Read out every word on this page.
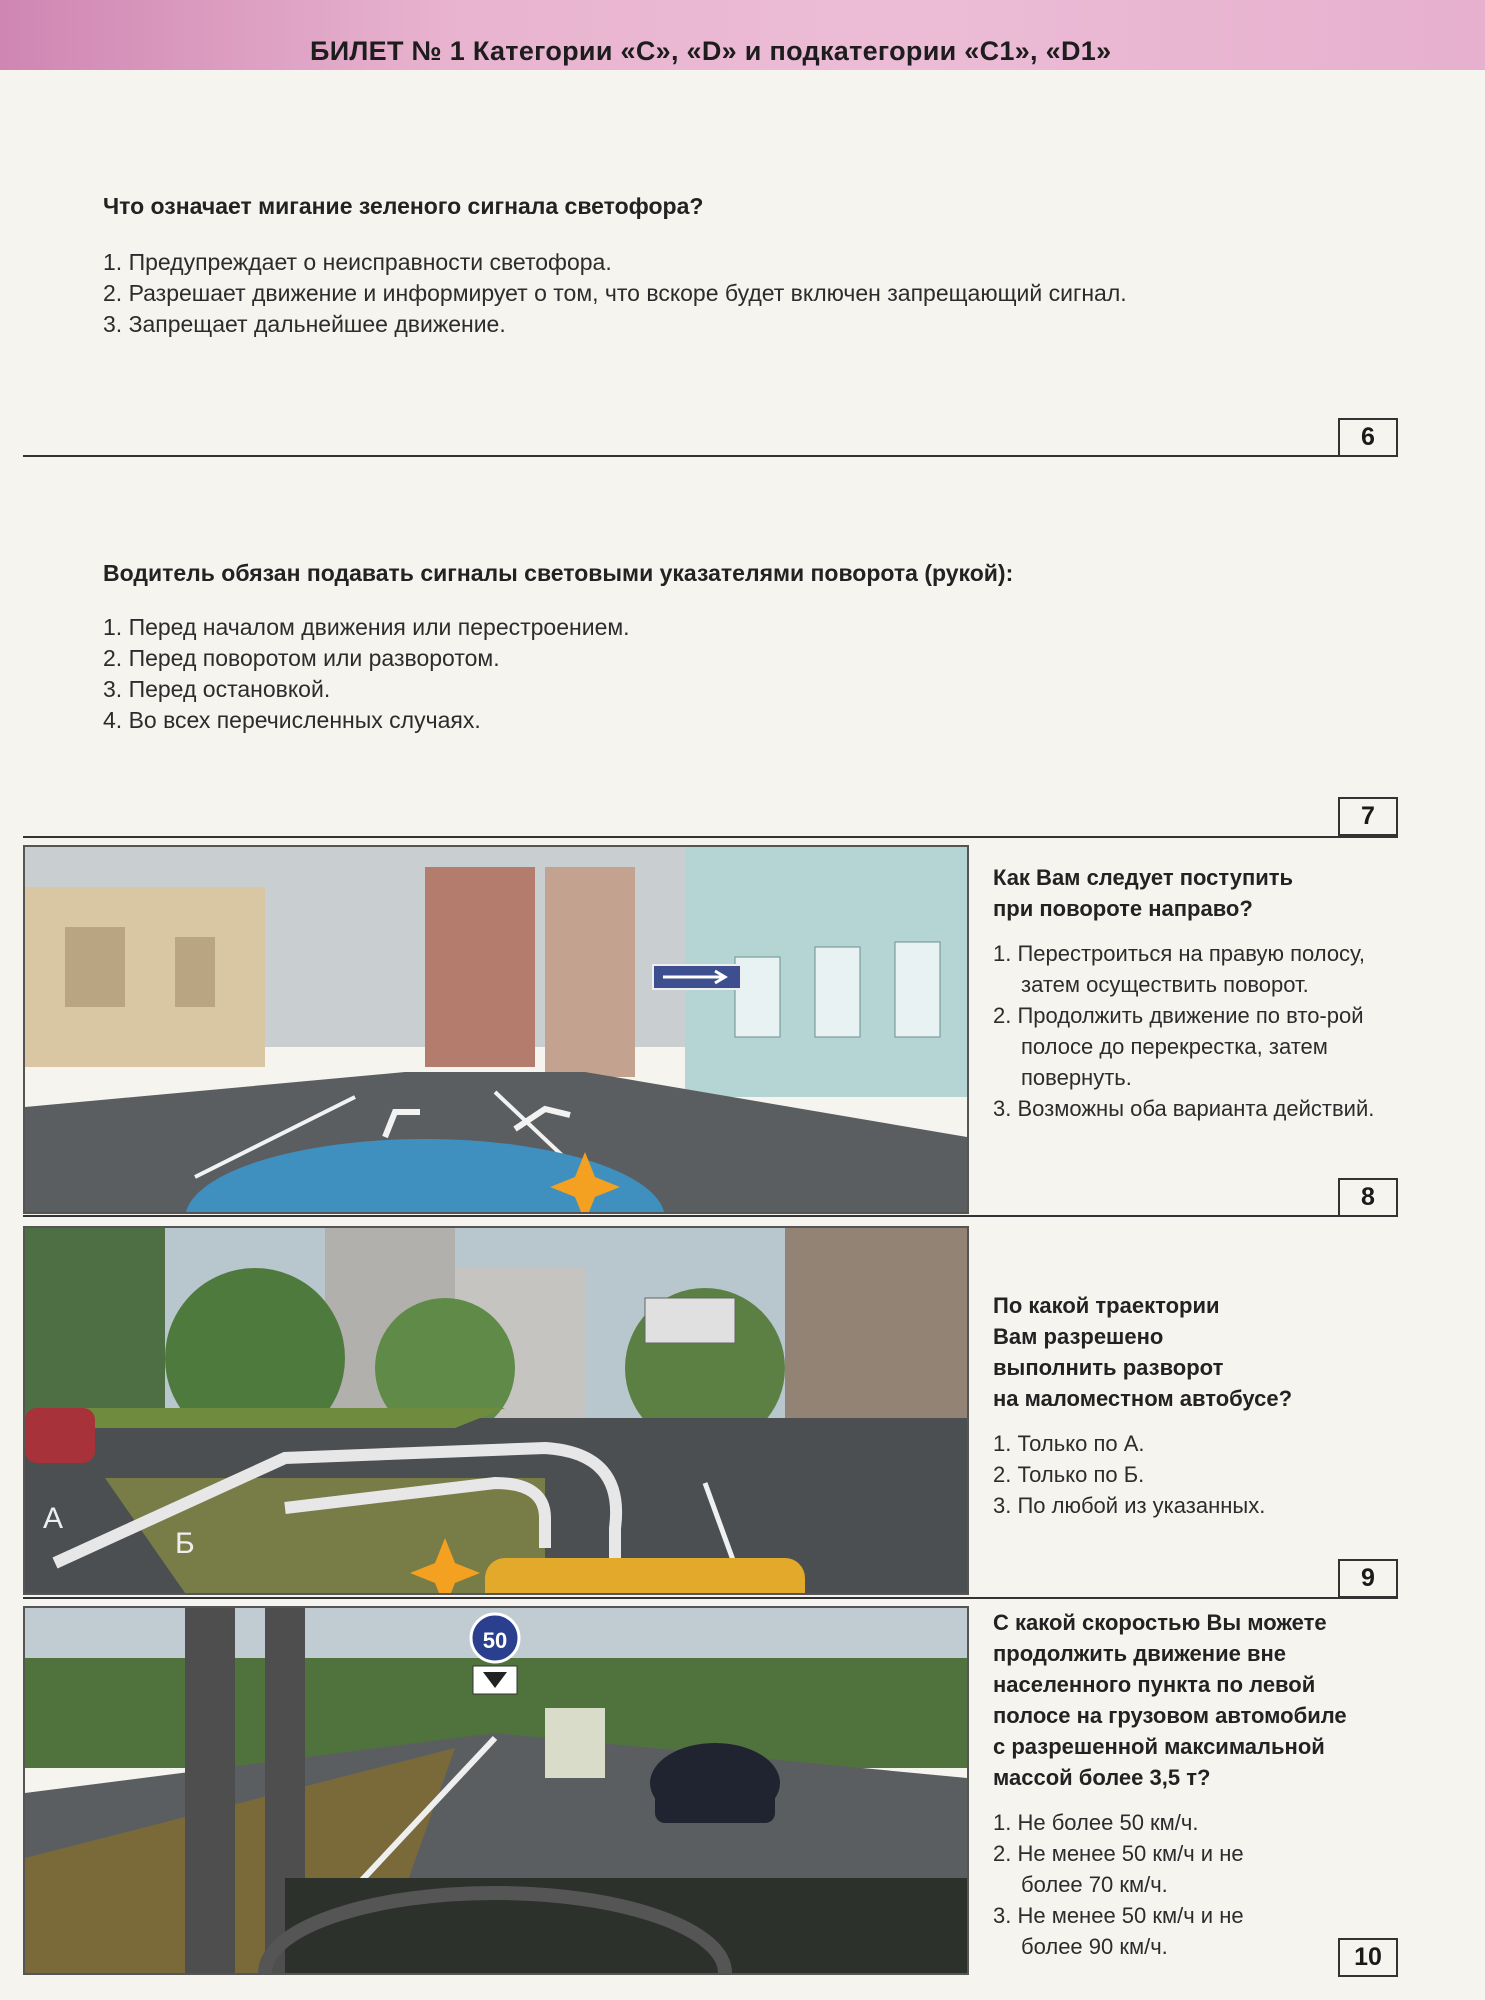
БИЛЕТ № 1 Категории «С», «D» и подкатегории «С1», «D1»
Что означает мигание зеленого сигнала светофора?
1. Предупреждает о неисправности светофора.
2. Разрешает движение и информирует о том, что вскоре будет включен запрещающий сигнал.
3. Запрещает дальнейшее движение.
6
Водитель обязан подавать сигналы световыми указателями поворота (рукой):
1. Перед началом движения или перестроением.
2. Перед поворотом или разворотом.
3. Перед остановкой.
4. Во всех перечисленных случаях.
7
Как Вам следует поступить
при повороте направо?
1. Перестроиться на правую полосу, затем осуществить поворот.
2. Продолжить движение по вто-рой полосе до перекрестка, затем повернуть.
3. Возможны оба варианта действий.
8
А
Б
По какой траектории
Вам разрешено
выполнить разворот
на маломестном автобусе?
1. Только по А.
2. Только по Б.
3. По любой из указанных.
9
50
С какой скоростью Вы можете
продолжить движение вне
населенного пункта по левой
полосе на грузовом автомобиле
с разрешенной максимальной
массой более 3,5 т?
1. Не более 50 км/ч.
2. Не менее 50 км/ч и не более 70 км/ч.
3. Не менее 50 км/ч и не более 90 км/ч.	10
